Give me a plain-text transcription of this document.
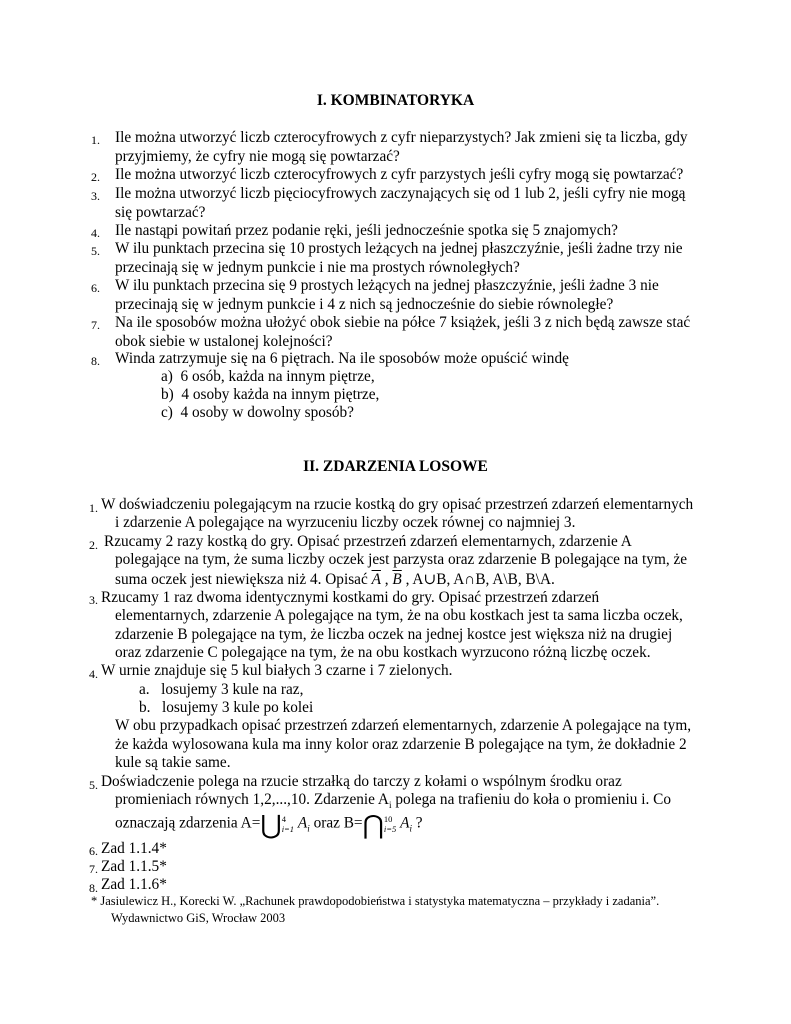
I. KOMBINATORYKA
1. Ile można utworzyć liczb czterocyfrowych z cyfr nieparzystych? Jak zmieni się ta liczba, gdy
przyjmiemy, że cyfry nie mogą się powtarzać?
2. Ile można utworzyć liczb czterocyfrowych z cyfr parzystych jeśli cyfry mogą się powtarzać?
3. Ile można utworzyć liczb pięciocyfrowych zaczynających się od 1 lub 2, jeśli cyfry nie mogą
się powtarzać?
4. Ile nastąpi powitań przez podanie ręki, jeśli jednocześnie spotka się 5 znajomych?
5. W ilu punktach przecina się 10 prostych leżących na jednej płaszczyźnie, jeśli żadne trzy nie
przecinają się w jednym punkcie i nie ma prostych równoległych?
6. W ilu punktach przecina się 9 prostych leżących na jednej płaszczyźnie, jeśli żadne 3 nie
przecinają się w jednym punkcie i 4 z nich są jednocześnie do siebie równoległe?
7. Na ile sposobów można ułożyć obok siebie na półce 7 książek, jeśli 3 z nich będą zawsze stać
obok siebie w ustalonej kolejności?
8. Winda zatrzymuje się na 6 piętrach. Na ile sposobów może opuścić windę
a)  6 osób, każda na innym piętrze,
b)  4 osoby każda na innym piętrze,
c)  4 osoby w dowolny sposób?
II. ZDARZENIA LOSOWE
1. W doświadczeniu polegającym na rzucie kostką do gry opisać przestrzeń zdarzeń elementarnych
i zdarzenie A polegające na wyrzuceniu liczby oczek równej co najmniej 3.
2. Rzucamy 2 razy kostką do gry. Opisać przestrzeń zdarzeń elementarnych, zdarzenie A
polegające na tym, że suma liczby oczek jest parzysta oraz zdarzenie B polegające na tym, że
suma oczek jest niewiększa niż 4. Opisać $\overline{A}$ , $\overline{B}$ , A∪B, A∩B, A\B, B\A.
3. Rzucamy 1 raz dwoma identycznymi kostkami do gry. Opisać przestrzeń zdarzeń
elementarnych, zdarzenie A polegające na tym, że na obu kostkach jest ta sama liczba oczek,
zdarzenie B polegające na tym, że liczba oczek na jednej kostce jest większa niż na drugiej
oraz zdarzenie C polegające na tym, że na obu kostkach wyrzucono różną liczbę oczek.
4. W urnie znajduje się 5 kul białych 3 czarne i 7 zielonych.
a.   losujemy 3 kule na raz,
b.   losujemy 3 kule po kolei
W obu przypadkach opisać przestrzeń zdarzeń elementarnych, zdarzenie A polegające na tym,
że każda wylosowana kula ma inny kolor oraz zdarzenie B polegające na tym, że dokładnie 2
kule są takie same.
5. Doświadczenie polega na rzucie strzałką do tarczy z kołami o wspólnym środku oraz
promieniach równych 1,2,...,10. Zdarzenie $A_i$ polega na trafieniu do koła o promieniu i. Co
oznaczają zdarzenia A=⋃4
i=1 $A_i$ oraz B=⋂10
i=5 $A_i$ ?
6. Zad 1.1.4*
7. Zad 1.1.5*
8. Zad 1.1.6*
* Jasiulewicz H., Korecki W. „Rachunek prawdopodobieństwa i statystyka matematyczna – przykłady i zadania”.
Wydawnictwo GiS, Wrocław 2003
